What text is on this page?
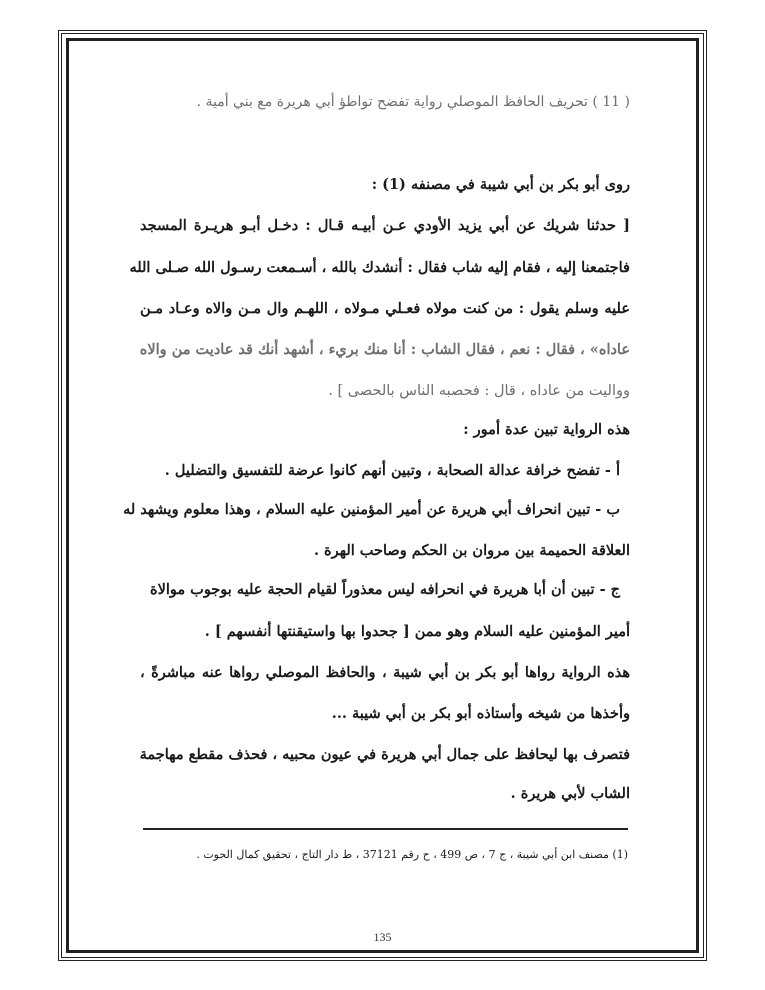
( 11 ) تحريف الحافظ الموصلي رواية تفضح تواطؤ أبي هريرة مع بني أمية .
روى أبو بكر بن أبي شيبة في مصنفه (1) :
[ حدثنا شريك عن أبي يزيد الأودي عـن أبيـه قـال : دخـل أبـو هريـرة المسجد
فاجتمعنا إليه ، فقام إليه شاب فقال : أنشدك بالله ، أسـمعت رسـول الله صـلى الله
عليه وسلم يقول : من كنت مولاه فعـلي مـولاه ، اللهـم وال مـن والاه وعـاد مـن
عاداه» ، فقال : نعم ، فقال الشاب : أنا منك بريء ، أشهد أنك قد عاديت من والاه
وواليت من عاداه ، قال : فحصبه الناس بالحصى ] .
هذه الرواية تبين عدة أمور :
أ - تفضح خرافة عدالة الصحابة ، وتبين أنهم كانوا عرضة للتفسيق والتضليل .
ب - تبين انحراف أبي هريرة عن أمير المؤمنين عليه السلام ، وهذا معلوم ويشهد له
العلاقة الحميمة بين مروان بن الحكم وصاحب الهرة .
ج - تبين أن أبا هريرة في انحرافه ليس معذوراً لقيام الحجة عليه بوجوب موالاة
أمير المؤمنين عليه السلام وهو ممن [ جحدوا بها واستيقنتها أنفسهم ] .
هذه الرواية رواها أبو بكر بن أبي شيبة ، والحافظ الموصلي رواها عنه مباشرةً ،
وأخذها من شيخه وأستاذه أبو بكر بن أبي شيبة ...
فتصرف بها ليحافظ على جمال أبي هريرة في عيون محبيه ، فحذف مقطع مهاجمة
الشاب لأبي هريرة .
(1) مصنف ابن أبي شيبة ، ج 7 ، ص 499 ، ح رقم 37121 ، ط دار التاج ، تحقيق كمال الحوت .
135
